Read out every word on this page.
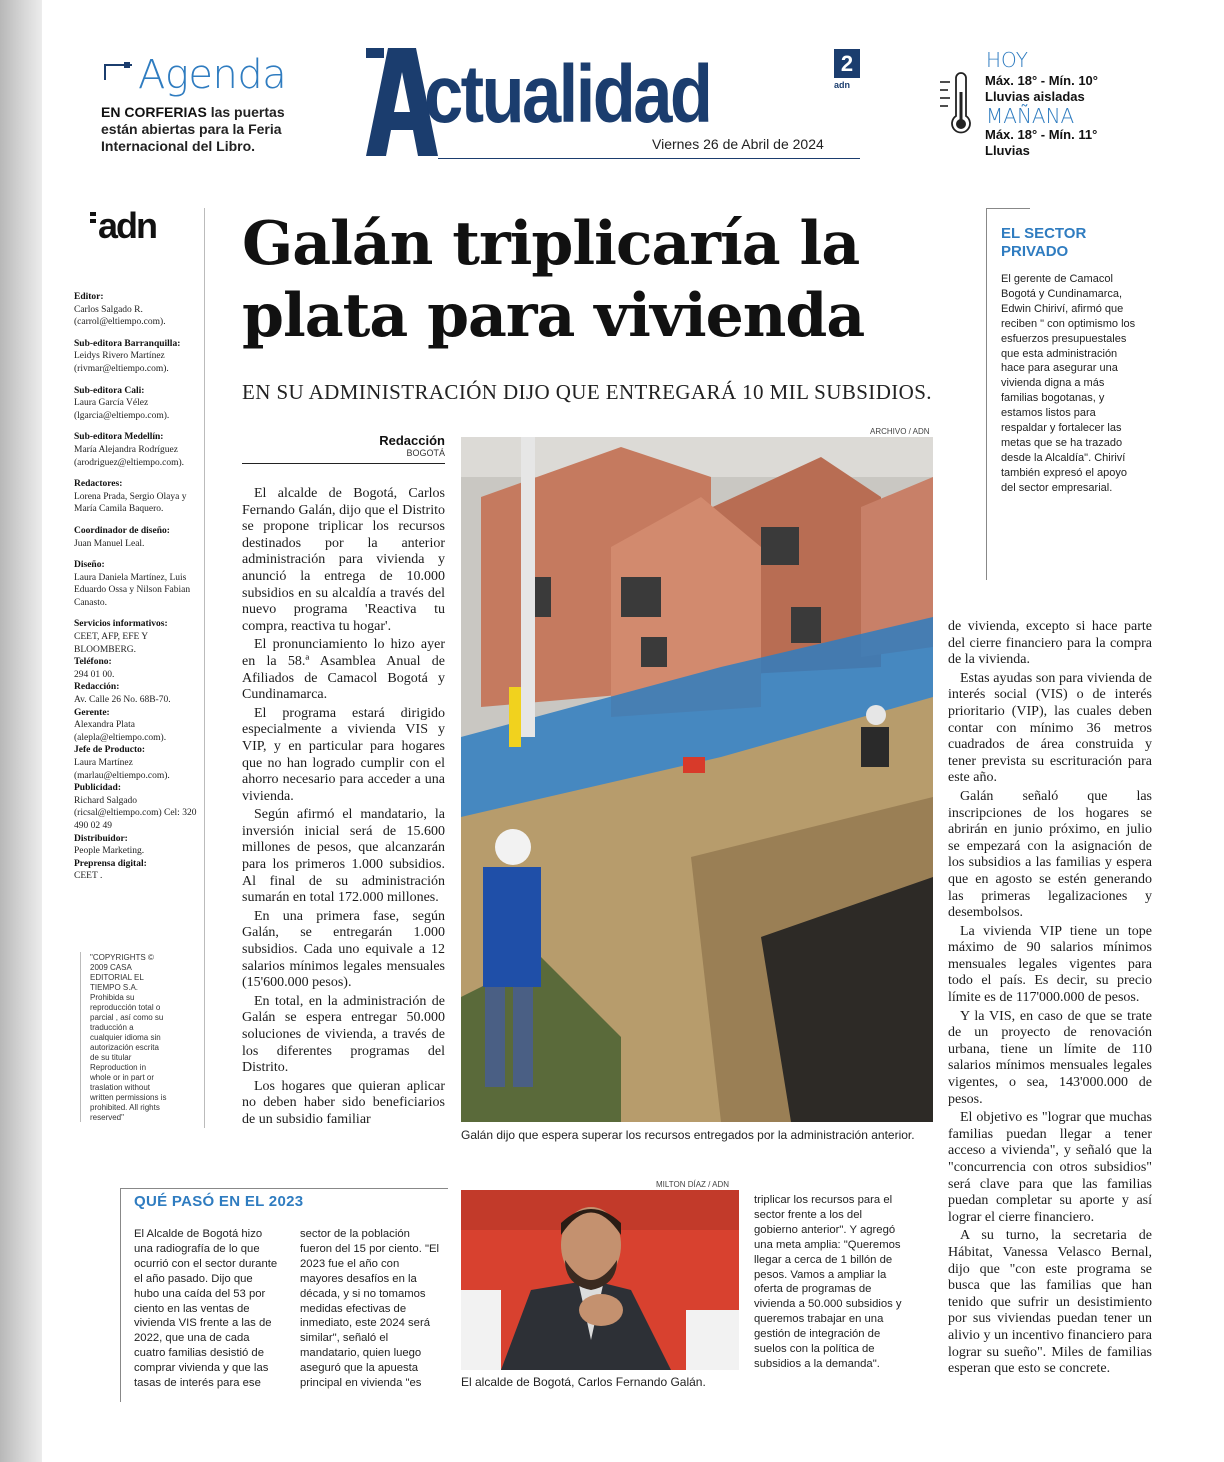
Agenda
EN CORFERIAS las puertas están abiertas para la Feria Internacional del Libro.
ctualidad	2
adn
Viernes 26 de Abril de 2024
HOY
Máx. 18° - Mín. 10°
Lluvias aisladas
MAÑANA
Máx. 18° - Mín. 11°
Lluvias
adn
Editor:
Carlos Salgado R. (carrol@eltiempo.com).
Sub-editora Barranquilla:
Leidys Rivero Martínez (rivmar@eltiempo.com).
Sub-editora Cali:
Laura García Vélez (lgarcia@eltiempo.com).
Sub-editora Medellín:
María Alejandra Rodríguez (arodriguez@eltiempo.com).
Redactores:
Lorena Prada, Sergio Olaya y María Camila Baquero.
Coordinador de diseño:
Juan Manuel Leal.
Diseño:
Laura Daniela Martínez, Luis Eduardo Ossa y Nilson Fabian Canasto.
Servicios informativos:
CEET, AFP, EFE Y BLOOMBERG.
Teléfono:
294 01 00.
Redacción:
Av. Calle 26 No. 68B-70.
Gerente:
Alexandra Plata (alepla@eltiempo.com).
Jefe de Producto:
Laura Martínez (marlau@eltiempo.com).
Publicidad:
Richard Salgado (ricsal@eltiempo.com) Cel: 320 490 02 49
Distribuidor:
People Marketing.
Preprensa digital:
CEET .
"COPYRIGHTS © 2009 CASA EDITORIAL EL TIEMPO S.A. Prohibida su reproducción total o parcial , así como su traducción a cualquier idioma sin autorización escrita de su titular Reproduction in whole or in part or traslation without written permissions is prohibited. All rights reserved"
Galán triplicaría la plata para vivienda
EN SU ADMINISTRACIÓN DIJO QUE ENTREGARÁ 10 MIL SUBSIDIOS.
Redacción
BOGOTÁ

El alcalde de Bogotá, Carlos Fernando Galán, dijo que el Distrito se propone triplicar los recursos destinados por la anterior administración para vivienda y anunció la entrega de 10.000 subsidios en su alcaldía a través del nuevo programa 'Reactiva tu compra, reactiva tu hogar'.

El pronunciamiento lo hizo ayer en la 58.ª Asamblea Anual de Afiliados de Camacol Bogotá y Cundinamarca.

El programa estará dirigido especialmente a vivienda VIS y VIP, y en particular para hogares que no han logrado cumplir con el ahorro necesario para acceder a una vivienda.

Según afirmó el mandatario, la inversión inicial será de 15.600 millones de pesos, que alcanzarán para los primeros 1.000 subsidios. Al final de su administración sumarán en total 172.000 millones.

En una primera fase, según Galán, se entregarán 1.000 subsidios. Cada uno equivale a 12 salarios mínimos legales mensuales (15'600.000 pesos).

En total, en la administración de Galán se espera entregar 50.000 soluciones de vivienda, a través de los diferentes programas del Distrito.

Los hogares que quieran aplicar no deben haber sido beneficiarios de un subsidio familiar

ARCHIVO / ADN
Galán dijo que espera superar los recursos entregados por la administración anterior.
EL SECTOR PRIVADO
El gerente de Camacol Bogotá y Cundinamarca, Edwin Chiriví, afirmó que reciben " con optimismo los esfuerzos presupuestales que esta administración hace para asegurar una vivienda digna a más familias bogotanas, y estamos listos para respaldar y fortalecer las metas que se ha trazado desde la Alcaldía". Chiriví también expresó el apoyo del sector empresarial.

de vivienda, excepto si hace parte del cierre financiero para la compra de la vivienda.

Estas ayudas son para vivienda de interés social (VIS) o de interés prioritario (VIP), las cuales deben contar con mínimo 36 metros cuadrados de área construida y tener prevista su escrituración para este año.

Galán señaló que las inscripciones de los hogares se abrirán en junio próximo, en julio se empezará con la asignación de los subsidios a las familias y espera que en agosto se estén generando las primeras legalizaciones y desembolsos.

La vivienda VIP tiene un tope máximo de 90 salarios mínimos mensuales legales vigentes para todo el país. Es decir, su precio límite es de 117'000.000 de pesos.

Y la VIS, en caso de que se trate de un proyecto de renovación urbana, tiene un límite de 110 salarios mínimos mensuales legales vigentes, o sea, 143'000.000 de pesos.

El objetivo es "lograr que muchas familias puedan llegar a tener acceso a vivienda", y señaló que la "concurrencia con otros subsidios" será clave para que las familias puedan completar su aporte y así lograr el cierre financiero.

A su turno, la secretaria de Hábitat, Vanessa Velasco Bernal, dijo que "con este programa se busca que las familias que han tenido que sufrir un desistimiento por sus viviendas puedan tener un alivio y un incentivo financiero para lograr su sueño". Miles de familias esperan que esto se concrete.

QUÉ PASÓ EN EL 2023
El Alcalde de Bogotá hizo una radiografía de lo que ocurrió con el sector durante el año pasado. Dijo que hubo una caída del 53 por ciento en las ventas de vivienda VIS frente a las de 2022, que una de cada cuatro familias desistió de comprar vivienda y que las tasas de interés para ese
sector de la población fueron del 15 por ciento. "El 2023 fue el año con mayores desafíos en la década, y si no tomamos medidas efectivas de inmediato, este 2024 será similar", señaló el mandatario, quien luego aseguró que la apuesta principal en vivienda "es
triplicar los recursos para el sector frente a los del gobierno anterior". Y agregó una meta amplia: "Queremos llegar a cerca de 1 billón de pesos. Vamos a ampliar la oferta de programas de vivienda a 50.000 subsidios y queremos trabajar en una gestión de integración de suelos con la política de subsidios a la demanda".
MILTON DÍAZ / ADN
El alcalde de Bogotá, Carlos Fernando Galán.
